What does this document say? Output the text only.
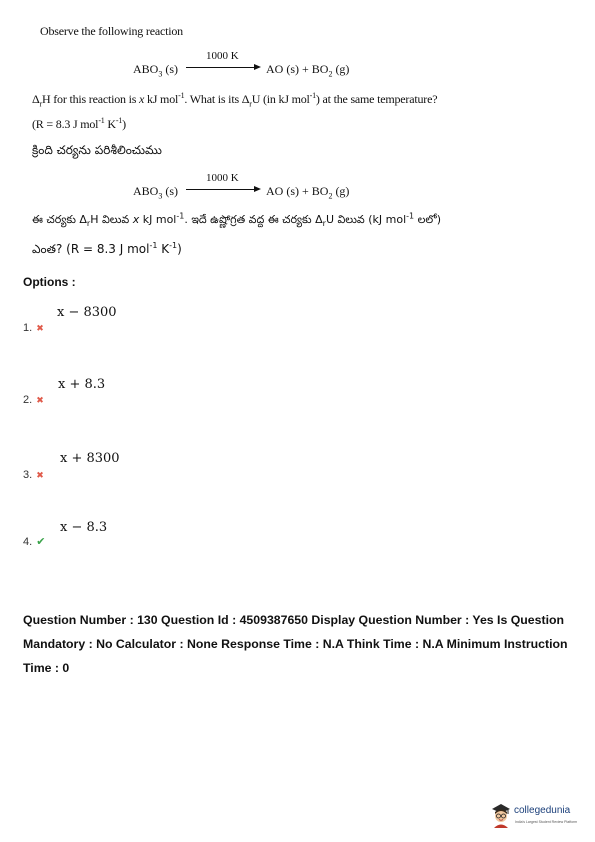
Observe the following reaction
$ABO_3$ (s)
1000 K
AO $(s) + BO_2$ (g)
$\Delta_rH$ for this reaction is x kJ mol$^{-1}$. What is its $\Delta_rU$ (in kJ mol$^{-1}$) at the same temperature?
(R = 8.3 J mol$^{-1}$ $K^{-1}$)
క్రింది చర్యను పరిశీలించుము
$ABO_3$ (s)
1000 K
AO $(s) + BO_2$ (g)
ఈ చర్యకు $\Delta_rH$ విలువ x kJ mol$^{-1}$. ఇదే ఉష్ణోగ్రత వద్ద ఈ చర్యకు $\Delta_rU$ విలువ (kJ mol$^{-1}$ లలో)
ఎంత? (R = 8.3 J mol$^{-1}$ $K^{-1}$)
Options :
1. ✖
x − 8300
2. ✖
x + 8.3
3. ✖
x + 8300
4. ✔
x − 8.3
Question Number : 130 Question Id : 4509387650 Display Question Number : Yes Is Question Mandatory : No Calculator : None Response Time : N.A Think Time : N.A Minimum Instruction Time : 0
collegedunia
India's Largest Student Review Platform
